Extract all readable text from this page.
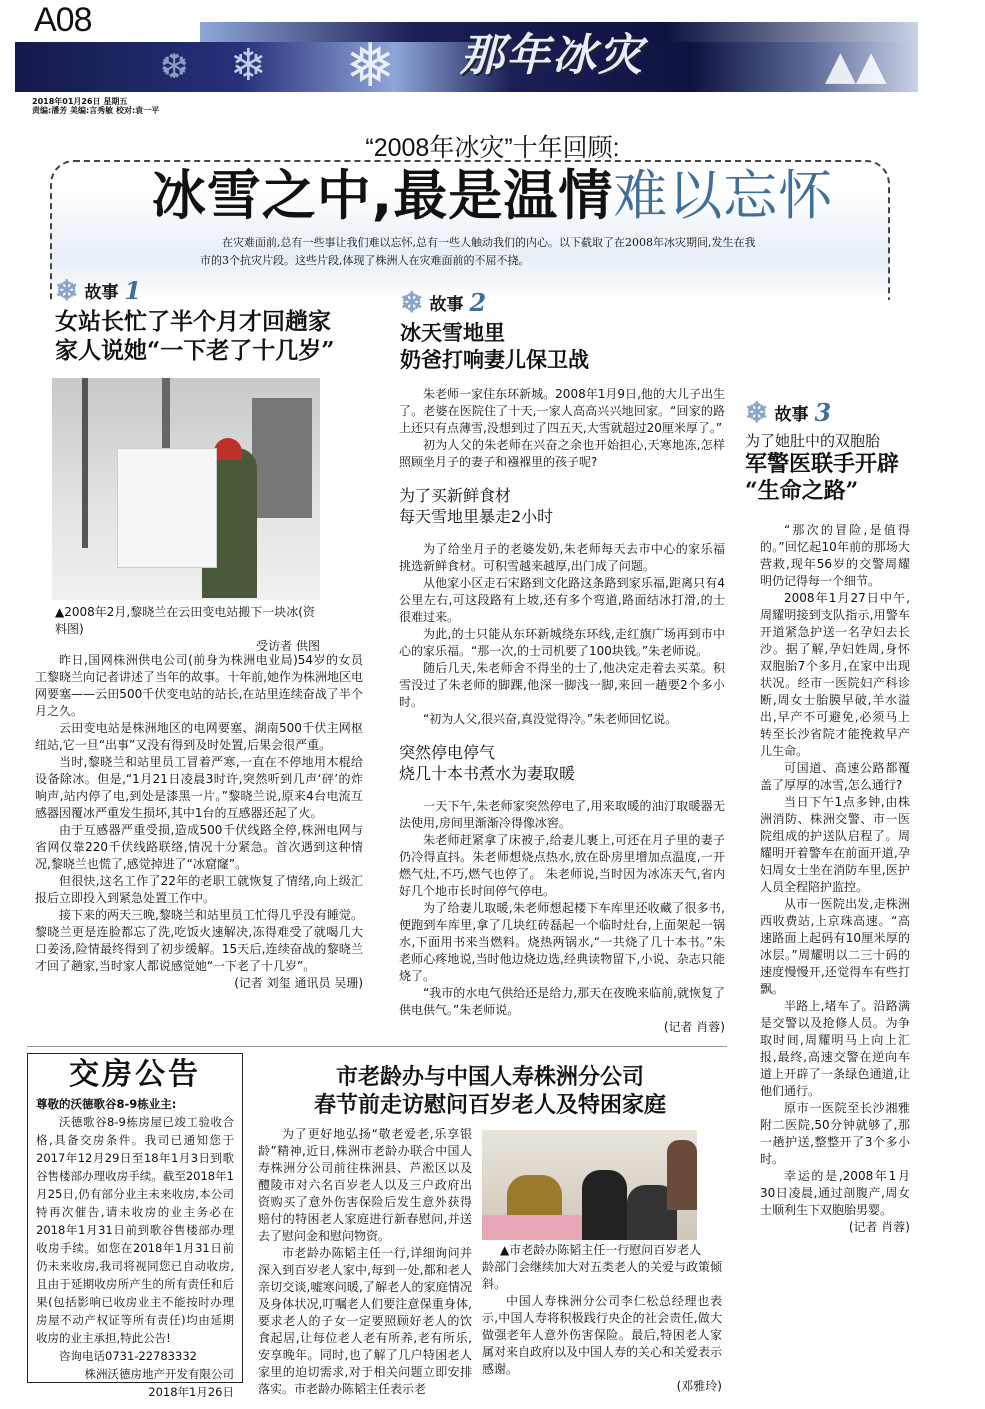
❄ ❅
❆	▲▲
A08
那年冰灾
2018年01月26日 星期五
责编:潘芳 美编:言秀敏 校对:袁一平
“2008年冰灾”十年回顾:
冰雪之中,最是温情难以忘怀
在灾难面前,总有一些事让我们难以忘怀,总有一些人触动我们的内心。以下截取了在2008年冰灾期间,发生在我市的3个抗灾片段。这些片段,体现了株洲人在灾难面前的不屈不挠。
❄ 故事 1
女站长忙了半个月才回趟家
家人说她“一下老了十几岁”
▲2008年2月,黎晓兰在云田变电站搬下一块冰(资料图)
受访者 供图

昨日,国网株洲供电公司(前身为株洲电业局)54岁的女员工黎晓兰向记者讲述了当年的故事。十年前,她作为株洲地区电网要塞——云田500千伏变电站的站长,在站里连续奋战了半个月之久。

云田变电站是株洲地区的电网要塞、湖南500千伏主网枢纽站,它一旦“出事”又没有得到及时处置,后果会很严重。

当时,黎晓兰和站里员工冒着严寒,一直在不停地用木棍给设备除冰。但是,“1月21日凌晨3时许,突然听到几声‘砰’的炸响声,站内停了电,到处是漆黑一片。”黎晓兰说,原来4台电流互感器因覆冰严重发生损坏,其中1台的互感器还起了火。

由于互感器严重受损,造成500千伏线路全停,株洲电网与省网仅靠220千伏线路联络,情况十分紧急。首次遇到这种情况,黎晓兰也慌了,感觉掉进了“冰窟窿”。

但很快,这名工作了22年的老职工就恢复了情绪,向上级汇报后立即投入到紧急处置工作中。

接下来的两天三晚,黎晓兰和站里员工忙得几乎没有睡觉。黎晓兰更是连脸都忘了洗,吃饭火速解决,冻得难受了就喝几大口姜汤,险情最终得到了初步缓解。15天后,连续奋战的黎晓兰才回了趟家,当时家人都说感觉她“一下老了十几岁”。

(记者 刘玺 通讯员 吴珊)
❄ 故事 2
冰天雪地里
奶爸打响妻儿保卫战

朱老师一家住东环新城。2008年1月9日,他的大儿子出生了。老婆在医院住了十天,一家人高高兴兴地回家。“回家的路上还只有点薄雪,没想到过了四五天,大雪就超过20厘米厚了。”

初为人父的朱老师在兴奋之余也开始担心,天寒地冻,怎样照顾坐月子的妻子和襁褓里的孩子呢?

为了买新鲜食材
每天雪地里暴走2小时

为了给坐月子的老婆发奶,朱老师每天去市中心的家乐福挑选新鲜食材。可积雪越来越厚,出门成了问题。

从他家小区走石宋路到文化路这条路到家乐福,距离只有4公里左右,可这段路有上坡,还有多个弯道,路面结冰打滑,的士很难过来。

为此,的士只能从东环新城绕东环线,走红旗广场再到市中心的家乐福。“那一次,的士司机要了100块钱。”朱老师说。

随后几天,朱老师舍不得坐的士了,他决定走着去买菜。积雪没过了朱老师的脚踝,他深一脚浅一脚,来回一趟要2个多小时。

“初为人父,很兴奋,真没觉得冷。”朱老师回忆说。

突然停电停气
烧几十本书煮水为妻取暖

一天下午,朱老师家突然停电了,用来取暖的油汀取暖器无法使用,房间里渐渐冷得像冰窖。

朱老师赶紧拿了床被子,给妻儿裹上,可还在月子里的妻子仍冷得直抖。朱老师想烧点热水,放在卧房里增加点温度,一开燃气灶,不巧,燃气也停了。 朱老师说,当时因为冰冻天气,省内好几个地市长时间停气停电。

为了给妻儿取暖,朱老师想起楼下车库里还收藏了很多书,便跑到车库里,拿了几块红砖磊起一个临时灶台,上面架起一锅水,下面用书来当燃料。烧热两锅水,“一共烧了几十本书。”朱老师心疼地说,当时他边烧边选,经典读物留下,小说、杂志只能烧了。

“我市的水电气供给还是给力,那天在夜晚来临前,就恢复了供电供气。”朱老师说。

(记者 肖蓉)
❄ 故事 3
为了她肚中的双胞胎
军警医联手开辟
“生命之路”

“那次的冒险,是值得的。”回忆起10年前的那场大营救,现年56岁的交警周耀明仍记得每一个细节。

2008年1月27日中午,周耀明接到支队指示,用警车开道紧急护送一名孕妇去长沙。据了解,孕妇姓周,身怀双胞胎7个多月,在家中出现状况。经市一医院妇产科诊断,周女士胎膜早破,羊水溢出,早产不可避免,必须马上转至长沙省院才能挽救早产儿生命。

可国道、高速公路都覆盖了厚厚的冰雪,怎么通行?

当日下午1点多钟,由株洲消防、株洲交警、市一医院组成的护送队启程了。周耀明开着警车在前面开道,孕妇周女士坐在消防车里,医护人员全程陪护监控。

从市一医院出发,走株洲西收费站,上京珠高速。“高速路面上起码有10厘米厚的冰层。”周耀明以二三十码的速度慢慢开,还觉得车有些打飘。

半路上,堵车了。沿路满是交警以及抢修人员。为争取时间,周耀明马上向上汇报,最终,高速交警在逆向车道上开辟了一条绿色通道,让他们通行。

原市一医院至长沙湘雅附二医院,50分钟就够了,那一趟护送,整整开了3个多小时。

幸运的是,2008年1月30日凌晨,通过剖腹产,周女士顺利生下双胞胎男婴。

(记者 肖蓉)
交房公告

尊敬的沃德歌谷8-9栋业主:

沃德歌谷8-9栋房屋已竣工验收合格,具备交房条件。我司已通知您于2017年12月29日至18年1月3日到歌谷售楼部办理收房手续。截至2018年1月25日,仍有部分业主未来收房,本公司特再次催告,请未收房的业主务必在2018年1月31日前到歌谷售楼部办理收房手续。如您在2018年1月31日前仍未来收房,我司将视同您已自动收房,且由于延期收房所产生的所有责任和后果(包括影响已收房业主不能按时办理房屋不动产权证等所有责任)均由延期收房的业主承担,特此公告!

咨询电话0731-22783332

株洲沃德房地产开发有限公司

2018年1月26日

市老龄办与中国人寿株洲分公司
春节前走访慰问百岁老人及特困家庭

为了更好地弘扬“敬老爱老,乐享银龄”精神,近日,株洲市老龄办联合中国人寿株洲分公司前往株洲县、芦淞区以及醴陵市对六名百岁老人以及三户政府出资购买了意外伤害保险后发生意外获得赔付的特困老人家庭进行新春慰问,并送去了慰问金和慰问物资。

市老龄办陈韬主任一行,详细询问并深入到百岁老人家中,每到一处,都和老人亲切交谈,嘘寒问暖,了解老人的家庭情况及身体状况,叮嘱老人们要注意保重身体,要求老人的子女一定要照顾好老人的饮食起居,让每位老人老有所养,老有所乐,安享晚年。同时,也了解了几户特困老人家里的迫切需求,对于相关问题立即安排落实。市老龄办陈韬主任表示老

▲市老龄办陈韬主任一行慰问百岁老人

龄部门会继续加大对五类老人的关爱与政策倾斜。

中国人寿株洲分公司李仁松总经理也表示,中国人寿将积极践行央企的社会责任,做大做强老年人意外伤害保险。最后,特困老人家属对来自政府以及中国人寿的关心和关爱表示感谢。

(邓雅玲)
